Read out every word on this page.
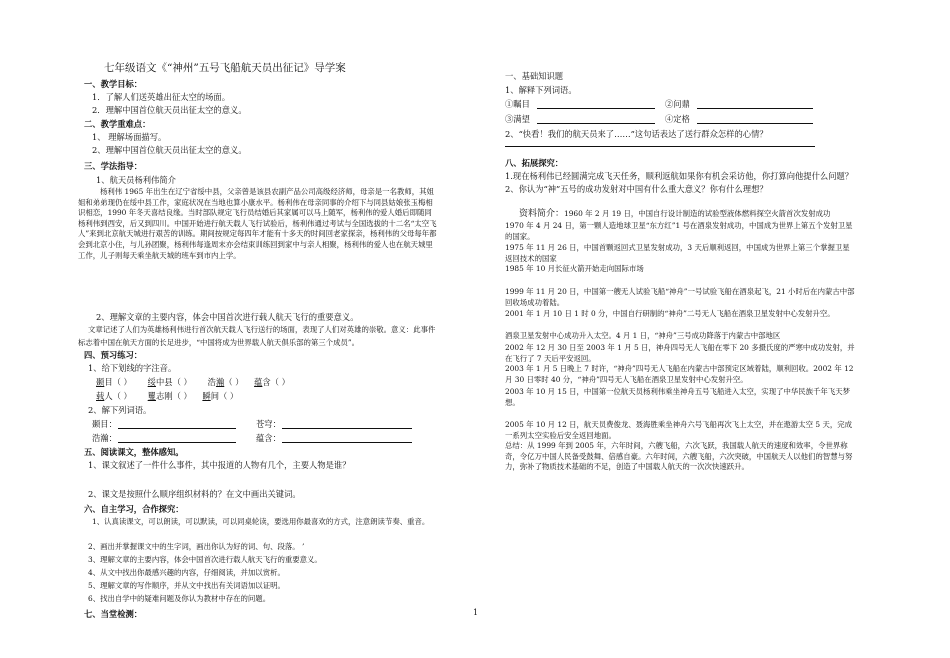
七年级语文《“神州”五号飞船航天员出征记》导学案
一、教学目标：
1．了解人们送英雄出征太空的场面。
2．理解中国首位航天员出征太空的意义。
二、教学重难点：
1、 理解场面描写。
2、理解中国首位航天员出征太空的意义。
三、学法指导：
1、航天员杨利伟简介
杨利伟 1965 年出生在辽宁省绥中县，父亲曾是该县农副产品公司高级经济师，母亲是一名教师，其姐姐和弟弟现仍在绥中县工作，家庭状况在当地也算小康水平。杨利伟在母亲同事的介绍下与同县姑娘张玉梅相识相恋，1990 年冬天喜结良缘。当时部队规定飞行员结婚后其家属可以马上随军，杨利伟的爱人婚后即随同杨利伟到西安，后又到四川。中国开始进行航天载人飞行试验后，杨利伟通过考试与全国选拔的十二名“太空飞人”来到北京航天城进行艰苦的训练。期间按规定每四年才能有十多天的时间回老家探亲，杨利伟的父母每年都会到北京小住，与儿孙团聚，杨利伟每逢周末亦会结束训练回到家中与亲人相聚，杨利伟的爱人也在航天城里工作，儿子则每天乘坐航天城的班车到市内上学。
2、理解文章的主要内容，体会中国首次进行载人航天飞行的重要意义。
文章记述了人们为英雄杨利伟进行首次航天载人飞行送行的场面，表现了人们对英雄的崇敬。意义：此事件标志着中国在航天方面的长足进步，“中国将成为世界载人航天俱乐部的第三个成员”。
四、预习练习：
1、给下划线的字注音。
颞目（ ） 绥中县（ ） 浩瀚（ ） 蕴含（ ）
载人（ ） 矍志刚（ ） 瞬间（ ）
2、解下列词语。
颞目：	苍穹：
浩瀚：	蕴含：
五、阅读课文，整体感知。
1、课文叙述了一件什么事件，其中报道的人物有几个，主要人物是谁？
2、课文是按照什么顺序组织材料的？在文中画出关键词。
六、自主学习，合作探究：
1、认真读课文，可以朗读，可以默读，可以同桌轮读，要选用你最喜欢的方式，注意朗读节奏、重音。
2、画出并掌握课文中的生字词，画出你认为好的词、句、段落。 ’
3、理解文章的主要内容，体会中国首次进行载人航天飞行的重要意义。
4、从文中找出你最感兴趣的内容，仔细阅读，并加以赏析。
5、理解文章的写作顺序，并从文中找出有关词语加以证明。
6、找出自学中的疑难问题及你认为教材中存在的问题。
七、当堂检测：
一、基础知识题
1、解释下列词语。
①瞩目	②问鼎
③满望	④定格
2、“快看！我们的航天员来了……”这句话表达了送行群众怎样的心情？
八、拓展探究：
1.现在杨利伟已经圆满完成飞天任务，顺利返航如果你有机会采访他，你打算向他提什么问题？
2、你认为“神”五号的成功发射对中国有什么重大意义？你有什么理想？
资料简介：1960 年 2 月 19 日，中国自行设计制造的试验型液体燃料探空火箭首次发射成功
1970 年 4 月 24 日，第一颗人造地球卫星“东方红”1 号在酒泉发射成功，中国成为世界上第五个发射卫星的国家。
1975 年 11 月 26 日，中国首颗返回式卫星发射成功，3 天后顺利返回，中国成为世界上第三个掌握卫星返回技术的国家
1985 年 10 月长征火箭开始走向国际市场
1999 年 11 月 20 日，中国第一艘无人试验飞船“神舟”一号试验飞船在酒泉起飞，21 小时后在内蒙古中部回收场成功着陆。
2001 年 1 月 10 日 1 时 0 分，中国自行研制的“神舟”二号无人飞船在酒泉卫星发射中心发射升空。
酒泉卫星发射中心成功升入太空。4 月 1 日，“神舟”三号成功降落于内蒙古中部地区
2002 年 12 月 30 日至 2003 年 1 月 5 日，神舟四号无人飞船在零下 20 多摄氏度的严寒中成功发射，并在飞行了 7 天后平安返回。
2003 年 1 月 5 日晚上 7 时许，“神舟”四号无人飞船在内蒙古中部预定区域着陆，顺利回收。2002 年 12 月 30 日零时 40 分，“神舟”四号无人飞船在酒泉卫星发射中心发射升空。
2003 年 10 月 15 日，中国第一位航天员杨利伟乘坐神舟五号飞船进入太空，实现了中华民族千年飞天梦想。
2005 年 10 月 12 日，航天员费俊龙、聂海胜乘坐神舟六号飞船再次飞上太空，并在遨游太空 5 天，完成一系列太空实验后安全返回地面。
总结：从 1999 年到 2005 年，六年时间，六艘飞船，六次飞跃，我国载人航天的速度和效率，令世界称奇，令亿万中国人民备受鼓舞、倍感自豪。六年时间，六艘飞船，六次突破，中国航天人以他们的智慧与努力，弥补了物质技术基础的不足，创造了中国载人航天的一次次快速跃升。
1
